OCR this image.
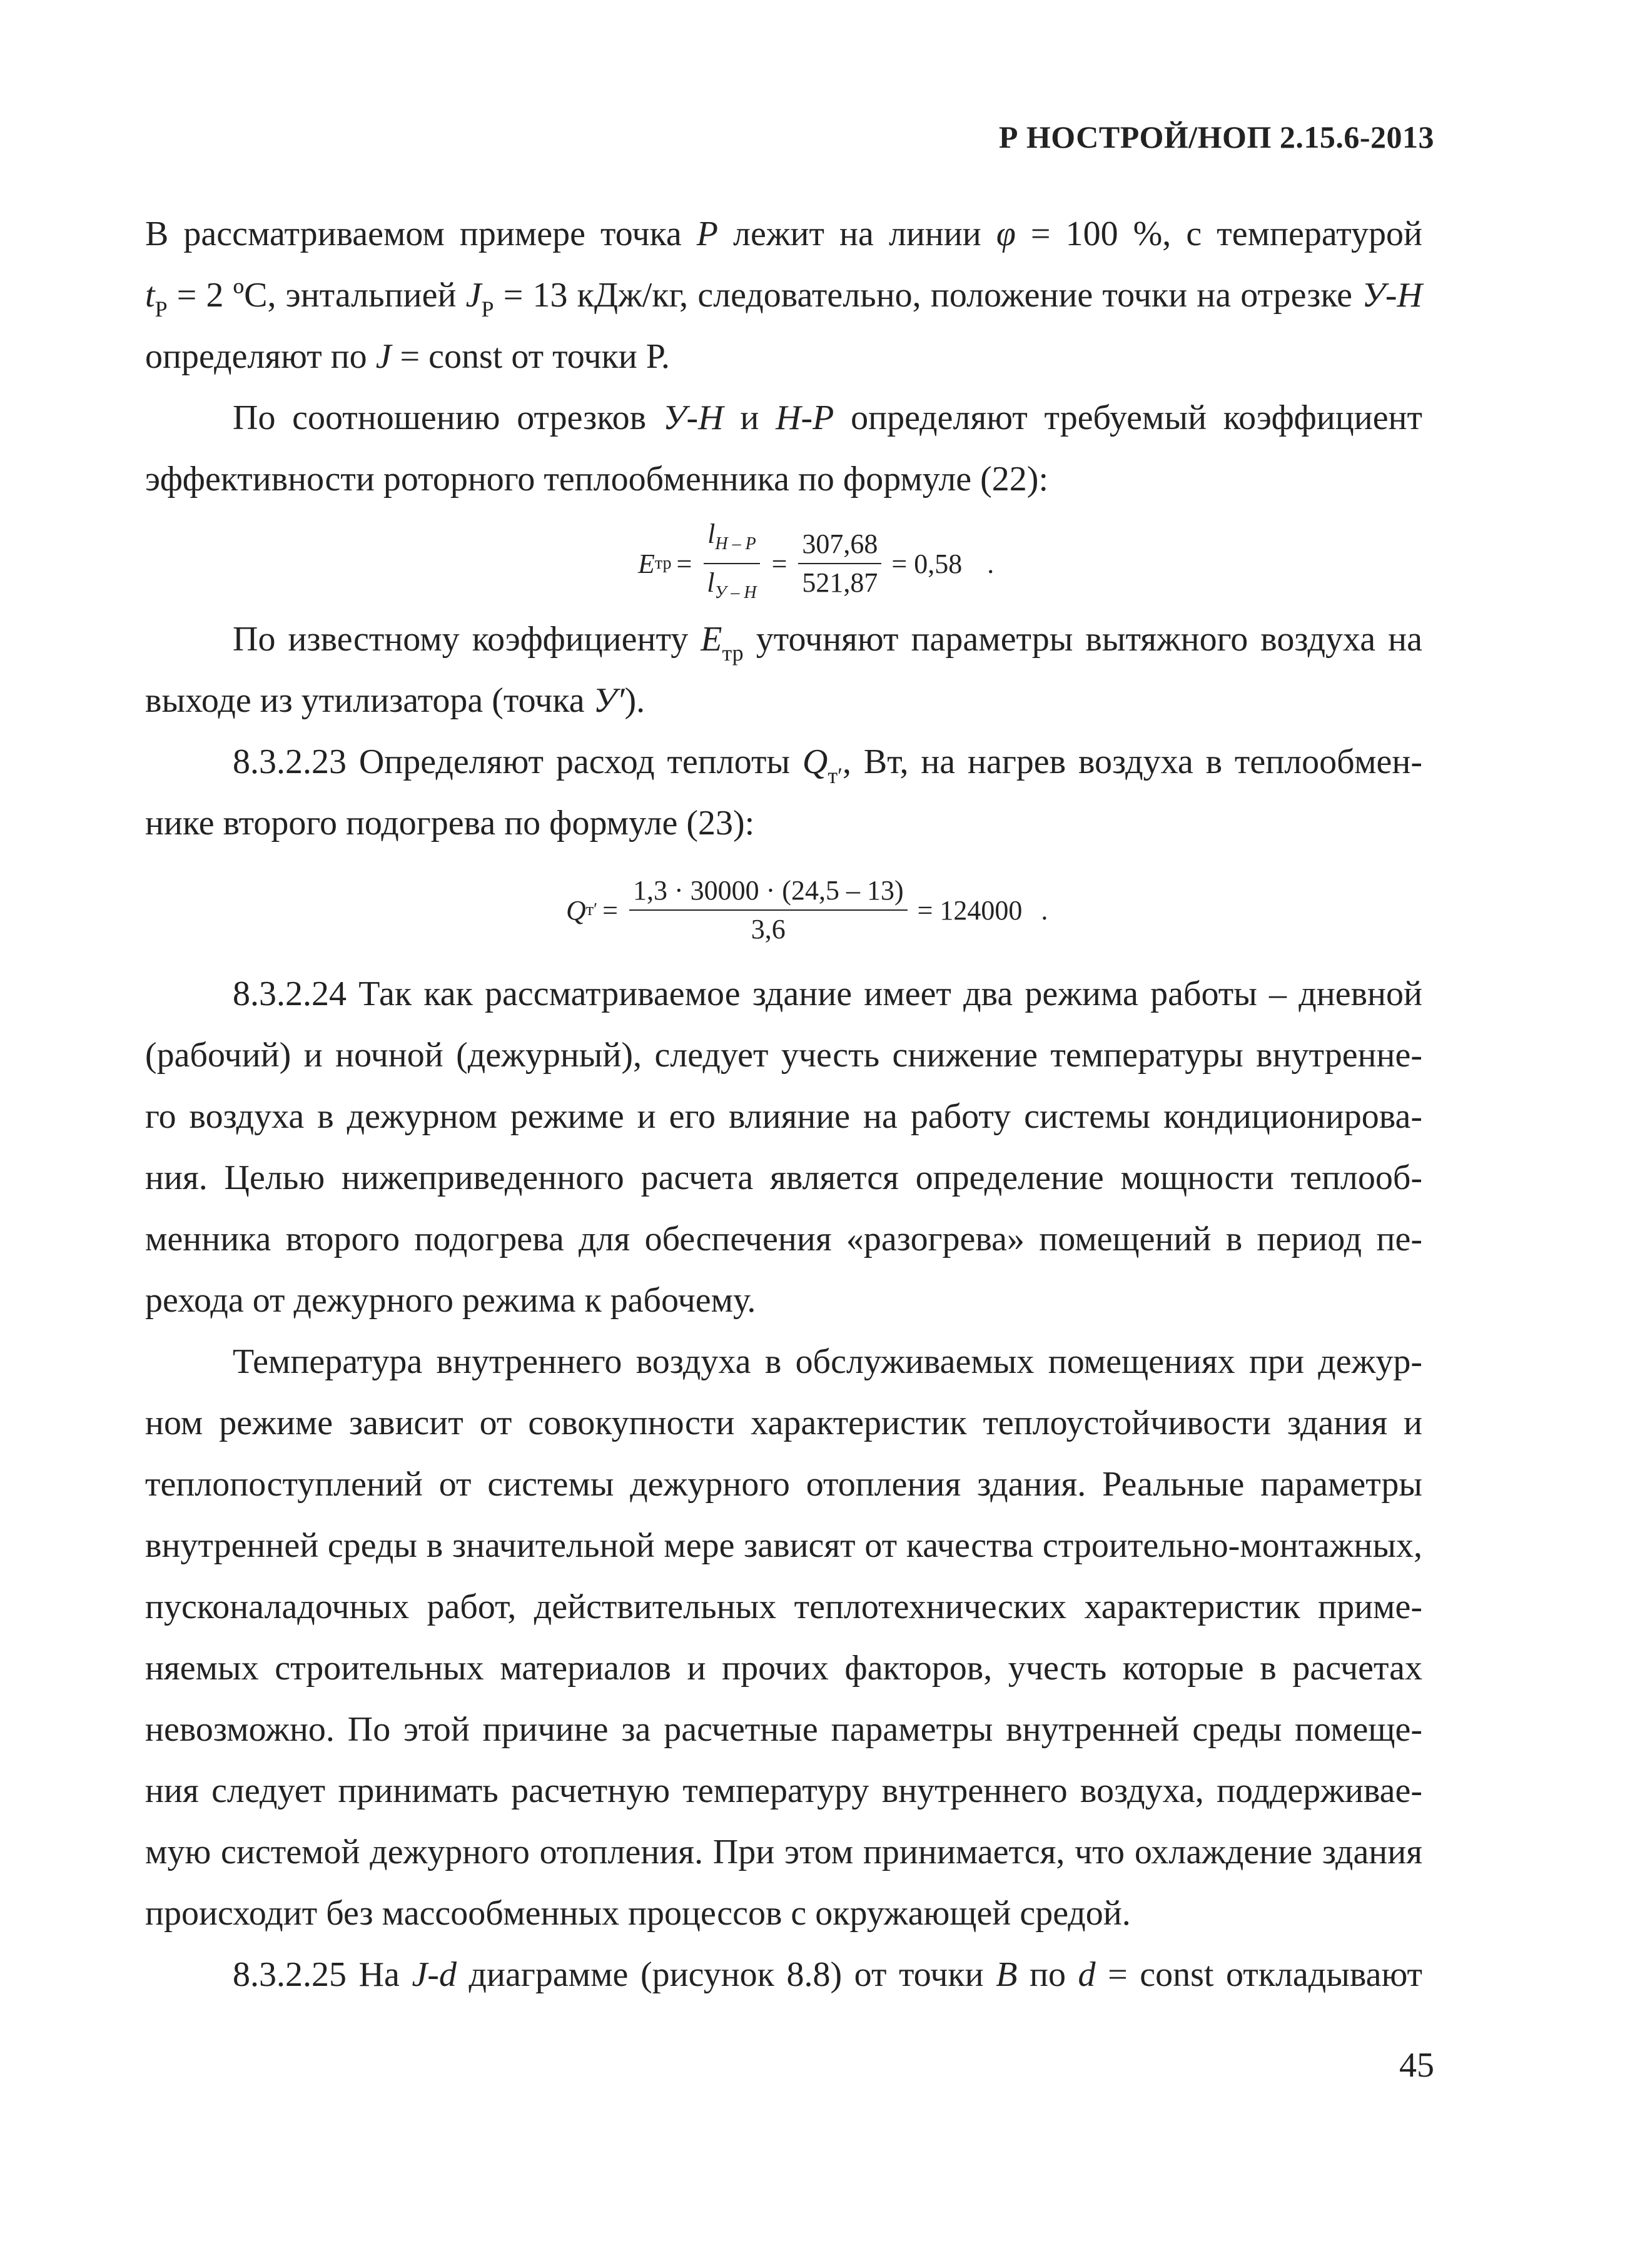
Р НОСТРОЙ/НОП 2.15.6-2013
В рассматриваемом примере точка P лежит на линии φ = 100 %, с температурой
$t_Р = 2$ ºС, энтальпией $J_Р = 13$ кДж/кг, следовательно, положение точки на отрезке У-Н
определяют по J = const от точки Р.
По соотношению отрезков У-Н и Н-Р определяют требуемый коэффициент
эффективности роторного теплообменника по формуле (22):
E тр = $\frac{l_{Н - Р}}{l_{У - Н}} = \frac{307,68}{521,87} = 0,58$ .
По известному коэффициенту $E_{тр}$ уточняют параметры вытяжного воздуха на
выходе из утилизатора (точка У′).
8.3.2.23 Определяют расход теплоты $Q_{т'}$, Вт, на нагрев воздуха в теплообмен-
нике второго подогрева по формуле (23):
Q $т' = \frac{1,3 \cdot 30000 \cdot (24,5 - 13)}{3,6} = 124000$ .
8.3.2.24 Так как рассматриваемое здание имеет два режима работы – дневной
(рабочий) и ночной (дежурный), следует учесть снижение температуры внутренне-
го воздуха в дежурном режиме и его влияние на работу системы кондиционирова-
ния. Целью нижеприведенного расчета является определение мощности теплооб-
менника второго подогрева для обеспечения «разогрева» помещений в период пе-
рехода от дежурного режима к рабочему.
Температура внутреннего воздуха в обслуживаемых помещениях при дежур-
ном режиме зависит от совокупности характеристик теплоустойчивости здания и
теплопоступлений от системы дежурного отопления здания. Реальные параметры
внутренней среды в значительной мере зависят от качества строительно-монтажных,
пусконаладочных работ, действительных теплотехнических характеристик приме-
няемых строительных материалов и прочих факторов, учесть которые в расчетах
невозможно. По этой причине за расчетные параметры внутренней среды помеще-
ния следует принимать расчетную температуру внутреннего воздуха, поддерживае-
мую системой дежурного отопления. При этом принимается, что охлаждение здания
происходит без массообменных процессов с окружающей средой.
8.3.2.25 На J-d диаграмме (рисунок 8.8) от точки B по d = const откладывают
45
